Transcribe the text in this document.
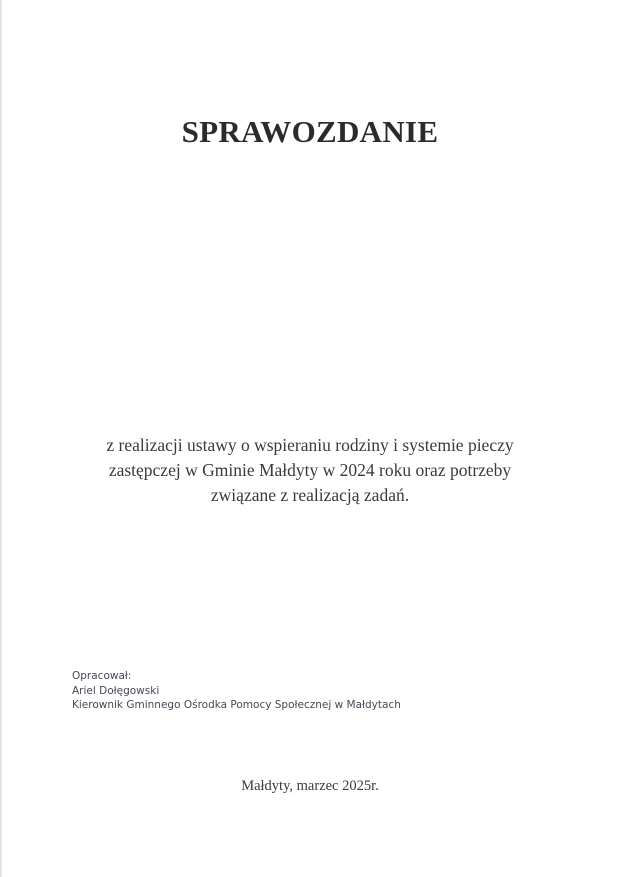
SPRAWOZDANIE
z realizacji ustawy o wspieraniu rodziny i systemie pieczy zastępczej w Gminie Małdyty w 2024 roku oraz potrzeby związane z realizacją zadań.
Opracował:
Ariel Dołęgowski
Kierownik Gminnego Ośrodka Pomocy Społecznej w Małdytach
Małdyty, marzec 2025r.
